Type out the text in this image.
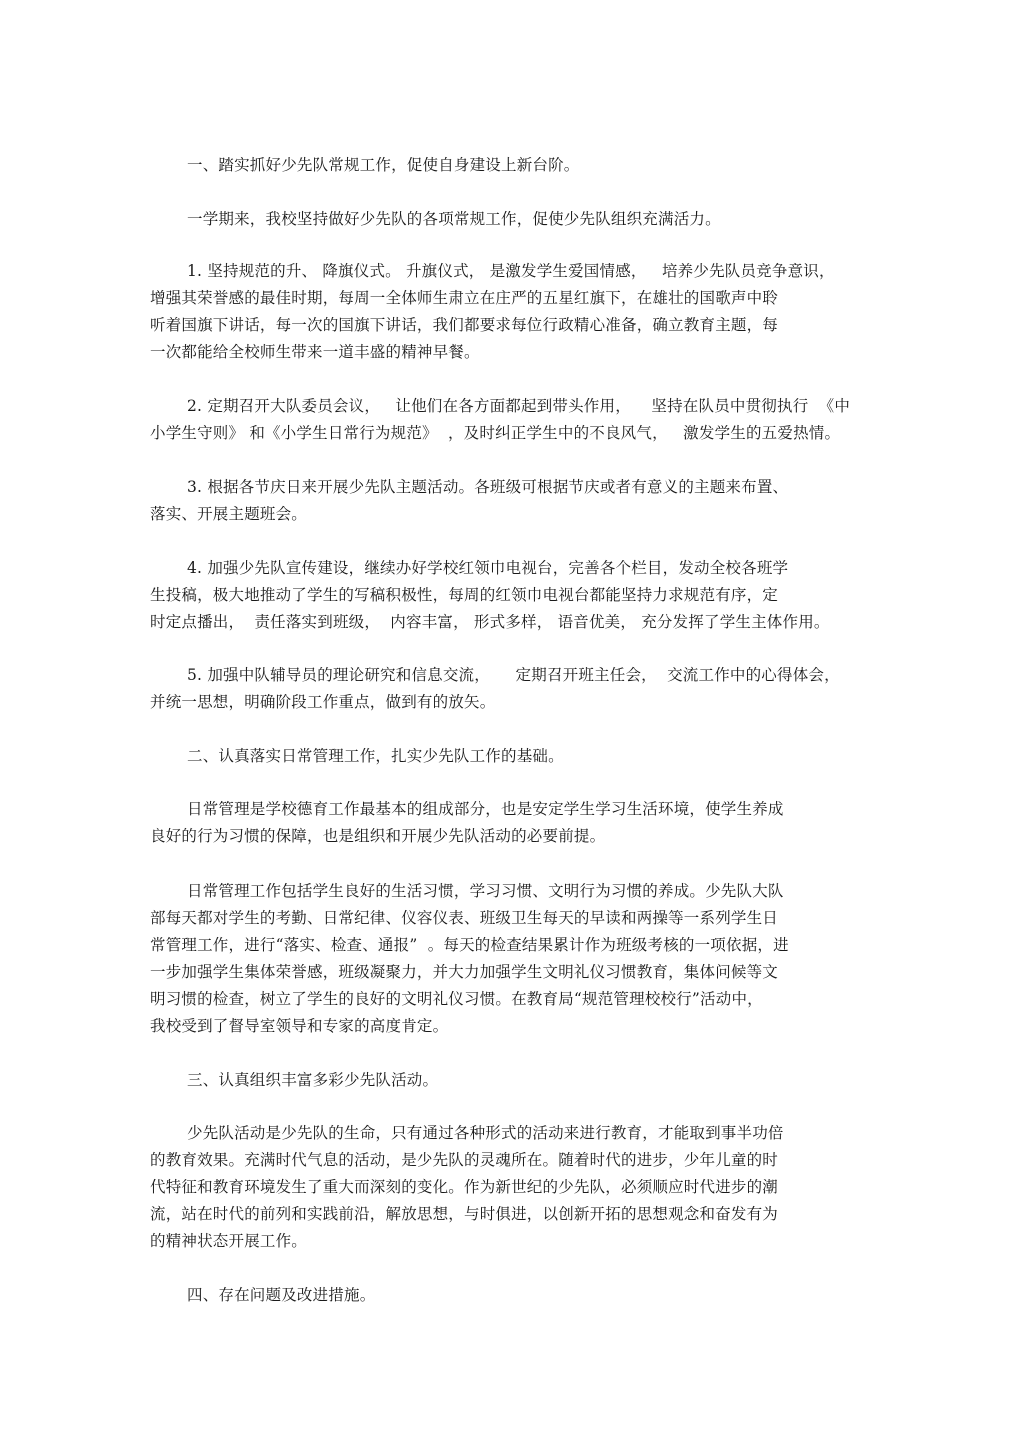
一、踏实抓好少先队常规工作，促使自身建设上新台阶。
一学期来，我校坚持做好少先队的各项常规工作，促使少先队组织充满活力。
1. 坚持规范的升、 降旗仪式。 升旗仪式， 是激发学生爱国情感，   培养少先队员竞争意识，
增强其荣誉感的最佳时期，每周一全体师生肃立在庄严的五星红旗下，在雄壮的国歌声中聆
听着国旗下讲话，每一次的国旗下讲话，我们都要求每位行政精心准备，确立教育主题，每
一次都能给全校师生带来一道丰盛的精神早餐。
2. 定期召开大队委员会议，   让他们在各方面都起到带头作用，    坚持在队员中贯彻执行  《中
小学生守则》 和《小学生日常行为规范》  ，及时纠正学生中的不良风气，   激发学生的五爱热情。
3. 根据各节庆日来开展少先队主题活动。各班级可根据节庆或者有意义的主题来布置、
落实、开展主题班会。
4. 加强少先队宣传建设，继续办好学校红领巾电视台，完善各个栏目，发动全校各班学
生投稿，极大地推动了学生的写稿积极性，每周的红领巾电视台都能坚持力求规范有序，定
时定点播出，  责任落实到班级，  内容丰富， 形式多样， 语音优美， 充分发挥了学生主体作用。
5. 加强中队辅导员的理论研究和信息交流，     定期召开班主任会，  交流工作中的心得体会，
并统一思想，明确阶段工作重点，做到有的放矢。
二、认真落实日常管理工作，扎实少先队工作的基础。
日常管理是学校德育工作最基本的组成部分，也是安定学生学习生活环境，使学生养成
良好的行为习惯的保障，也是组织和开展少先队活动的必要前提。
日常管理工作包括学生良好的生活习惯，学习习惯、文明行为习惯的养成。少先队大队
部每天都对学生的考勤、日常纪律、仪容仪表、班级卫生每天的早读和两操等一系列学生日
常管理工作，进行“落实、检查、通报”  。每天的检查结果累计作为班级考核的一项依据，进
一步加强学生集体荣誉感，班级凝聚力，并大力加强学生文明礼仪习惯教育，集体问候等文
明习惯的检查，树立了学生的良好的文明礼仪习惯。在教育局“规范管理校校行”活动中，
我校受到了督导室领导和专家的高度肯定。
三、认真组织丰富多彩少先队活动。
少先队活动是少先队的生命，只有通过各种形式的活动来进行教育，才能取到事半功倍
的教育效果。充满时代气息的活动，是少先队的灵魂所在。随着时代的进步，少年儿童的时
代特征和教育环境发生了重大而深刻的变化。作为新世纪的少先队，必须顺应时代进步的潮
流，站在时代的前列和实践前沿，解放思想，与时俱进，以创新开拓的思想观念和奋发有为
的精神状态开展工作。
四、存在问题及改进措施。
